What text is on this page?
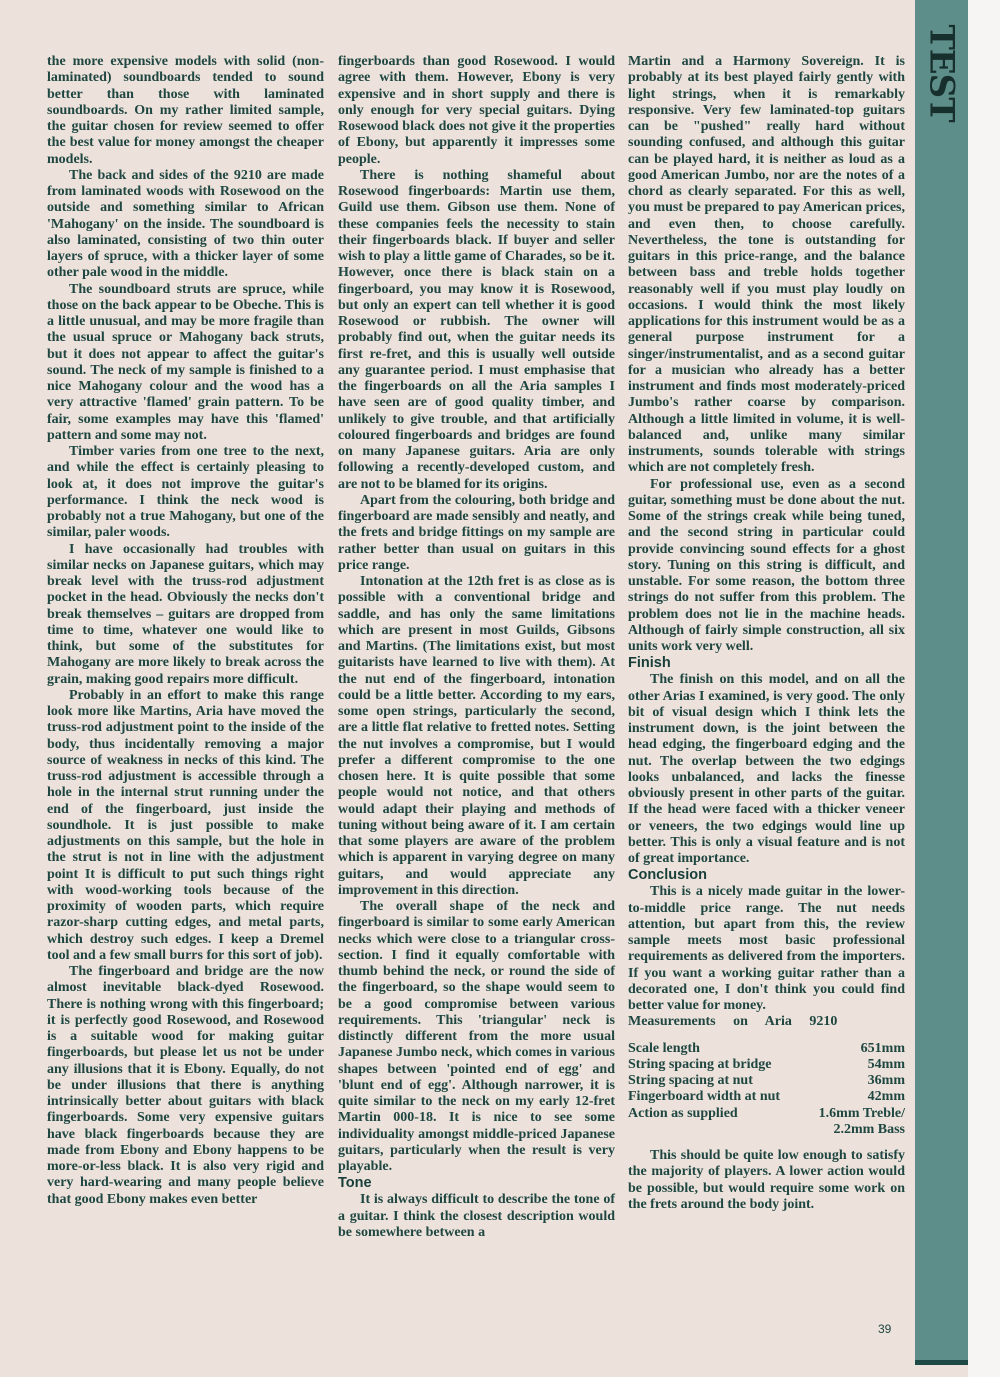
TEST

the more expensive models with solid (non-laminated) soundboards tended to sound better than those with laminated soundboards. On my rather limited sample, the guitar chosen for review seemed to offer the best value for money amongst the cheaper models.

The back and sides of the 9210 are made from laminated woods with Rosewood on the outside and something similar to African 'Mahogany' on the inside. The soundboard is also laminated, consisting of two thin outer layers of spruce, with a thicker layer of some other pale wood in the middle.

The soundboard struts are spruce, while those on the back appear to be Obeche. This is a little unusual, and may be more fragile than the usual spruce or Mahogany back struts, but it does not appear to affect the guitar's sound. The neck of my sample is finished to a nice Mahogany colour and the wood has a very attractive 'flamed' grain pattern. To be fair, some examples may have this 'flamed' pattern and some may not.

Timber varies from one tree to the next, and while the effect is certainly pleasing to look at, it does not improve the guitar's performance. I think the neck wood is probably not a true Mahogany, but one of the similar, paler woods.

I have occasionally had troubles with similar necks on Japanese guitars, which may break level with the truss-rod adjustment pocket in the head. Obviously the necks don't break themselves – guitars are dropped from time to time, whatever one would like to think, but some of the substitutes for Mahogany are more likely to break across the grain, making good repairs more difficult.

Probably in an effort to make this range look more like Martins, Aria have moved the truss-rod adjustment point to the inside of the body, thus incidentally removing a major source of weakness in necks of this kind. The truss-rod adjustment is accessible through a hole in the internal strut running under the end of the fingerboard, just inside the soundhole. It is just possible to make adjustments on this sample, but the hole in the strut is not in line with the adjustment point It is difficult to put such things right with wood-working tools because of the proximity of wooden parts, which require razor-sharp cutting edges, and metal parts, which destroy such edges. I keep a Dremel tool and a few small burrs for this sort of job).

The fingerboard and bridge are the now almost inevitable black-dyed Rosewood. There is nothing wrong with this fingerboard; it is perfectly good Rosewood, and Rosewood is a suitable wood for making guitar fingerboards, but please let us not be under any illusions that it is Ebony. Equally, do not be under illusions that there is anything intrinsically better about guitars with black fingerboards. Some very expensive guitars have black fingerboards because they are made from Ebony and Ebony happens to be more-or-less black. It is also very rigid and very hard-wearing and many people believe that good Ebony makes even better

fingerboards than good Rosewood. I would agree with them. However, Ebony is very expensive and in short supply and there is only enough for very special guitars. Dying Rosewood black does not give it the properties of Ebony, but apparently it impresses some people.

There is nothing shameful about Rosewood fingerboards: Martin use them, Guild use them. Gibson use them. None of these companies feels the necessity to stain their fingerboards black. If buyer and seller wish to play a little game of Charades, so be it. However, once there is black stain on a fingerboard, you may know it is Rosewood, but only an expert can tell whether it is good Rosewood or rubbish. The owner will probably find out, when the guitar needs its first re-fret, and this is usually well outside any guarantee period. I must emphasise that the fingerboards on all the Aria samples I have seen are of good quality timber, and unlikely to give trouble, and that artificially coloured fingerboards and bridges are found on many Japanese guitars. Aria are only following a recently-developed custom, and are not to be blamed for its origins.

Apart from the colouring, both bridge and fingerboard are made sensibly and neatly, and the frets and bridge fittings on my sample are rather better than usual on guitars in this price range.

Intonation at the 12th fret is as close as is possible with a conventional bridge and saddle, and has only the same limitations which are present in most Guilds, Gibsons and Martins. (The limitations exist, but most guitarists have learned to live with them). At the nut end of the fingerboard, intonation could be a little better. According to my ears, some open strings, particularly the second, are a little flat relative to fretted notes. Setting the nut involves a compromise, but I would prefer a different compromise to the one chosen here. It is quite possible that some people would not notice, and that others would adapt their playing and methods of tuning without being aware of it. I am certain that some players are aware of the problem which is apparent in varying degree on many guitars, and would appreciate any improvement in this direction.

The overall shape of the neck and fingerboard is similar to some early American necks which were close to a triangular cross-section. I find it equally comfortable with thumb behind the neck, or round the side of the fingerboard, so the shape would seem to be a good compromise between various requirements. This 'triangular' neck is distinctly different from the more usual Japanese Jumbo neck, which comes in various shapes between 'pointed end of egg' and 'blunt end of egg'. Although narrower, it is quite similar to the neck on my early 12-fret Martin 000-18. It is nice to see some individuality amongst middle-priced Japanese guitars, particularly when the result is very playable.

Tone

It is always difficult to describe the tone of a guitar. I think the closest description would be somewhere between a

Martin and a Harmony Sovereign. It is probably at its best played fairly gently with light strings, when it is remarkably responsive. Very few laminated-top guitars can be "pushed" really hard without sounding confused, and although this guitar can be played hard, it is neither as loud as a good American Jumbo, nor are the notes of a chord as clearly separated. For this as well, you must be prepared to pay American prices, and even then, to choose carefully. Nevertheless, the tone is outstanding for guitars in this price-range, and the balance between bass and treble holds together reasonably well if you must play loudly on occasions. I would think the most likely applications for this instrument would be as a general purpose instrument for a singer/instrumentalist, and as a second guitar for a musician who already has a better instrument and finds most moderately-priced Jumbo's rather coarse by comparison. Although a little limited in volume, it is well-balanced and, unlike many similar instruments, sounds tolerable with strings which are not completely fresh.

For professional use, even as a second guitar, something must be done about the nut. Some of the strings creak while being tuned, and the second string in particular could provide convincing sound effects for a ghost story. Tuning on this string is difficult, and unstable. For some reason, the bottom three strings do not suffer from this problem. The problem does not lie in the machine heads. Although of fairly simple construction, all six units work very well.

Finish

The finish on this model, and on all the other Arias I examined, is very good. The only bit of visual design which I think lets the instrument down, is the joint between the head edging, the fingerboard edging and the nut. The overlap between the two edgings looks unbalanced, and lacks the finesse obviously present in other parts of the guitar. If the head were faced with a thicker veneer or veneers, the two edgings would line up better. This is only a visual feature and is not of great importance.

Conclusion

This is a nicely made guitar in the lower-to-middle price range. The nut needs attention, but apart from this, the review sample meets most basic professional requirements as delivered from the importers. If you want a working guitar rather than a decorated one, I don't think you could find better value for money.

Measurements on Aria 9210

Scale length	651mm
String spacing at bridge	54mm
String spacing at nut	36mm
Fingerboard width at nut	42mm
Action as supplied	1.6mm Treble/
	2.2mm Bass

This should be quite low enough to satisfy the majority of players. A lower action would be possible, but would require some work on the frets around the body joint.

39
